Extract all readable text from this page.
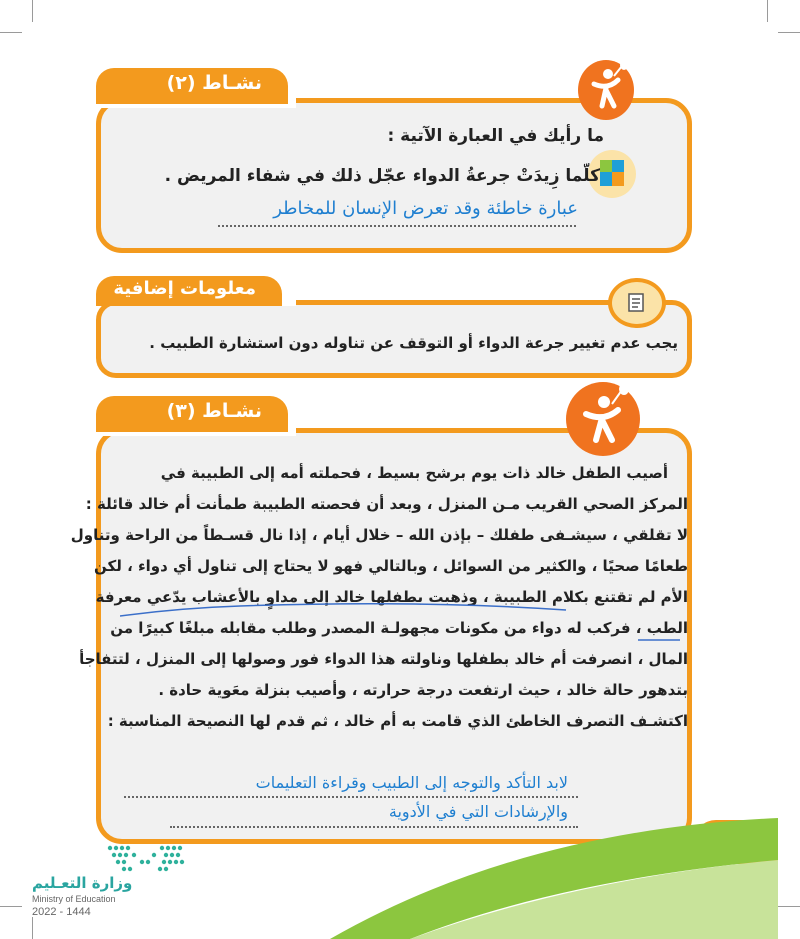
نشـاط (٢)
ما رأيك في العبارة الآتية :
كلّما زِيدَتْ جرعةُ الدواء عجّل ذلك في شفاء المريض .
عبارة خاطئة وقد تعرض الإنسان للمخاطر
معلومات إضافية
يجب عدم تغيير جرعة الدواء أو التوقف عن تناوله دون استشارة الطبيب .
نشـاط (٣)

أصيب الطفل خالد ذات يوم برشح بسيط ، فحملته أمه إلى الطبيبة في

المركز الصحي القريب مـن المنزل ، وبعد أن فحصته الطبيبة طمأنت أم خالد قائلة :

لا تقلقي ، سيشـفى طفلك – بإذن الله – خلال أيام ، إذا نال قسـطاً من الراحة وتناول

طعامًا صحيًا ، والكثير من السوائل ، وبالتالي فهو لا يحتاج إلى تناول أي دواء ، لكن

الأم لم تقتنع بكلام الطبيبة ، وذهبت بطفلها خالد إلى مداوٍ بالأعشاب يدّعي معرفة

الطب ، فركب له دواء من مكونات مجهولـة المصدر وطلب مقابله مبلغًا كبيرًا من

المال ، انصرفت أم خالد بطفلها وناولته هذا الدواء فور وصولها إلى المنزل ، لتتفاجأ

بتدهور حالة خالد ، حيث ارتفعت درجة حرارته ، وأصيب بنزلة معَوية حادة .

اكتشـف التصرف الخاطئ الذي قامت به أم خالد ، ثم قدم لها النصيحة المناسبة :

لابد التأكد والتوجه إلى الطبيب وقراءة التعليمات
والإرشادات التي في الأدوية
وزارة التعـليم
Ministry of Education
2022 - 1444
